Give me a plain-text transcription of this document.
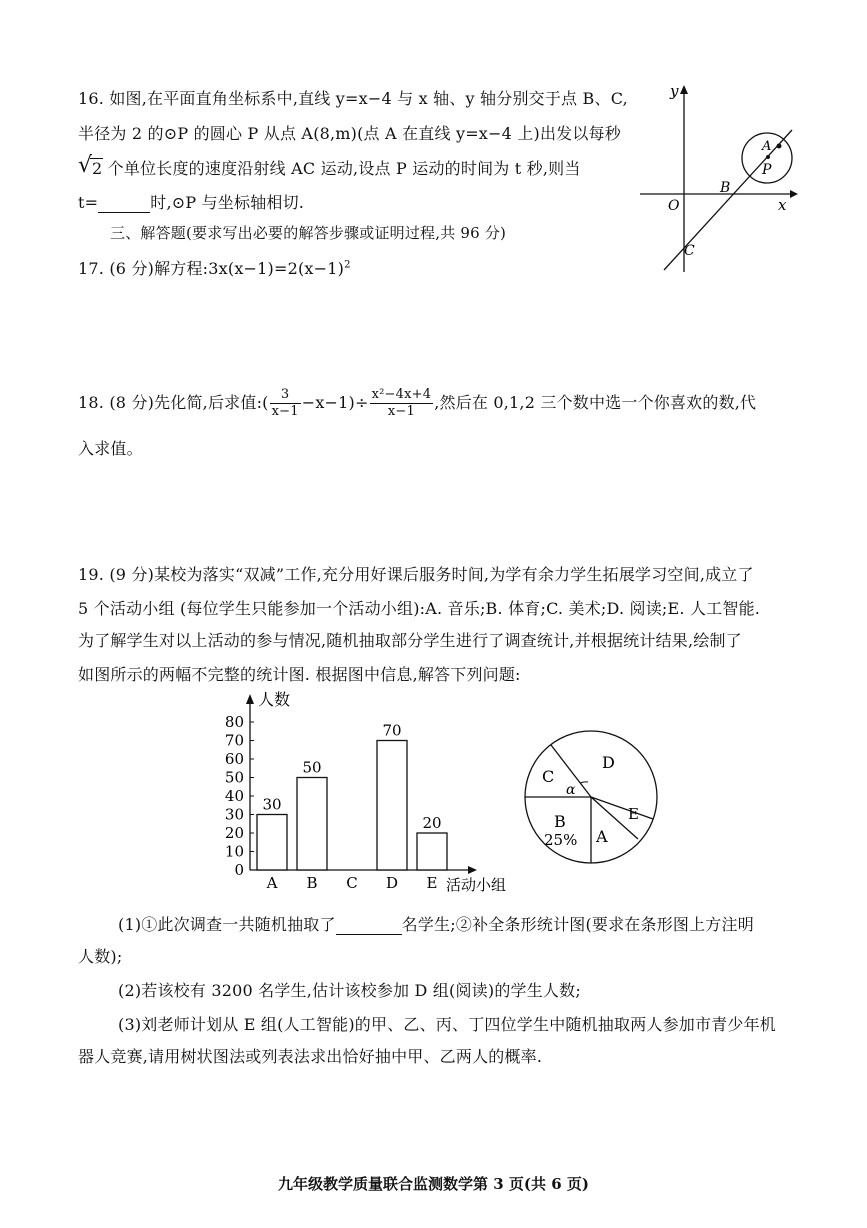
16. 如图,在平面直角坐标系中,直线 y=x−4 与 x 轴、y 轴分别交于点 B、C,
半径为 2 的⊙P 的圆心 P 从点 A(8,m)(点 A 在直线 y=x−4 上)出发以每秒
√ 2 个单位长度的速度沿射线 AC 运动,设点 P 运动的时间为 t 秒,则当
t=	时,⊙P 与坐标轴相切.
y
x
O
A
P
B
C
三、解答题(要求写出必要的解答步骤或证明过程,共 96 分)
17. (6 分)解方程$:3x(x-1)=2(x-1)^2$
18. (8 分)先化简,后求值:( $\frac{3}{x-1} -x-1)\div \frac{\text{x²−4x+4}}{x-1}$ ,然后在 0,1,2 三个数中选一个你喜欢的数,代
入求值。
19. (9 分)某校为落实“双减”工作,充分用好课后服务时间,为学有余力学生拓展学习空间,成立了
5 个活动小组 (每位学生只能参加一个活动小组):A. 音乐;B. 体育;C. 美术;D. 阅读;E. 人工智能.
为了解学生对以上活动的参与情况,随机抽取部分学生进行了调查统计,并根据统计结果,绘制了
如图所示的两幅不完整的统计图. 根据图中信息,解答下列问题:
人数
活动小组
0
10
20
30
40
50
60
70
80
A
30
B
50
C D
70
E
20
C
D
E
A
B
25%
α
(1)①此次调查一共随机抽取了	名学生;②补全条形统计图(要求在条形图上方注明
人数);
(2)若该校有 3200 名学生,估计该校参加 D 组(阅读)的学生人数;
(3)刘老师计划从 E 组(人工智能)的甲、乙、丙、丁四位学生中随机抽取两人参加市青少年机
器人竞赛,请用树状图法或列表法求出恰好抽中甲、乙两人的概率.
九年级教学质量联合监测数学第 3 页(共 6 页)
